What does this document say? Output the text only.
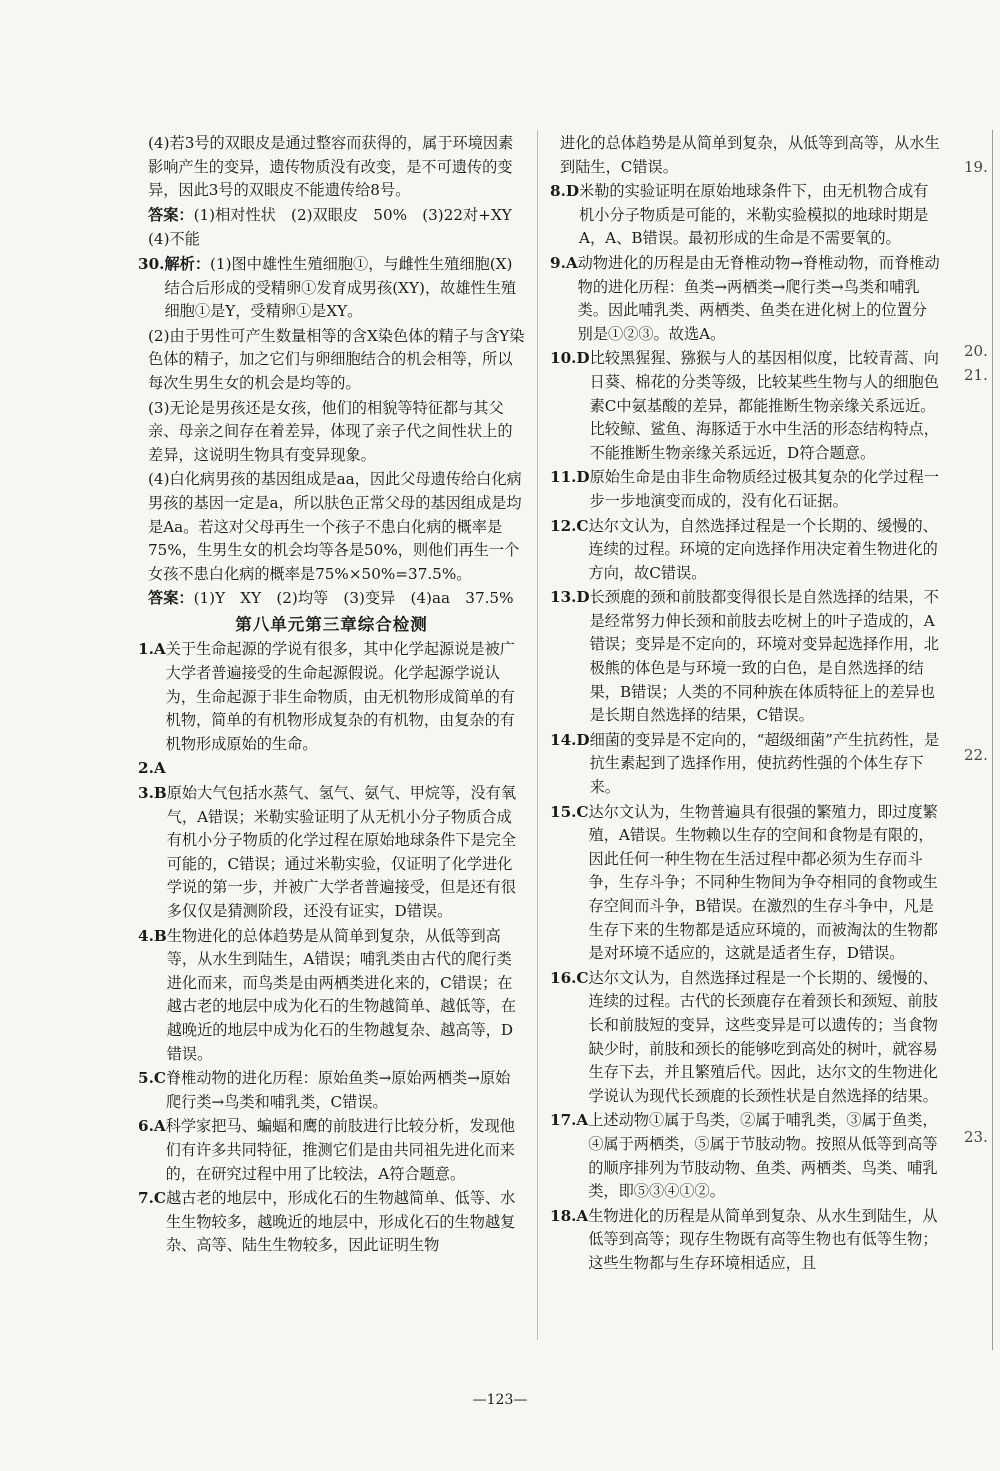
(4)若3号的双眼皮是通过整容而获得的，属于环境因素影响产生的变异，遗传物质没有改变，是不可遗传的变异，因此3号的双眼皮不能遗传给8号。
答案：(1)相对性状　(2)双眼皮　50%　(3)22对+XY
(4)不能
30. 解析：(1)图中雄性生殖细胞①，与雌性生殖细胞(X)结合后形成的受精卵①发育成男孩(XY)，故雄性生殖细胞①是Y，受精卵①是XY。
(2)由于男性可产生数量相等的含X染色体的精子与含Y染色体的精子，加之它们与卵细胞结合的机会相等，所以每次生男生女的机会是均等的。
(3)无论是男孩还是女孩，他们的相貌等特征都与其父亲、母亲之间存在着差异，体现了亲子代之间性状上的差异，这说明生物具有变异现象。
(4)白化病男孩的基因组成是aa，因此父母遗传给白化病男孩的基因一定是a，所以肤色正常父母的基因组成是均是Aa。若这对父母再生一个孩子不患白化病的概率是75%，生男生女的机会均等各是50%，则他们再生一个女孩不患白化病的概率是75%×50%=37.5%。
答案：(1)Y　XY　(2)均等　(3)变异　(4)aa　37.5%
第八单元第三章综合检测
1.A 关于生命起源的学说有很多，其中化学起源说是被广大学者普遍接受的生命起源假说。化学起源学说认为，生命起源于非生命物质，由无机物形成简单的有机物，简单的有机物形成复杂的有机物，由复杂的有机物形成原始的生命。
2.A
3.B 原始大气包括水蒸气、氢气、氨气、甲烷等，没有氧气，A错误；米勒实验证明了从无机小分子物质合成有机小分子物质的化学过程在原始地球条件下是完全可能的，C错误；通过米勒实验，仅证明了化学进化学说的第一步，并被广大学者普遍接受，但是还有很多仅仅是猜测阶段，还没有证实，D错误。
4.B 生物进化的总体趋势是从简单到复杂，从低等到高等，从水生到陆生，A错误；哺乳类由古代的爬行类进化而来，而鸟类是由两栖类进化来的，C错误；在越古老的地层中成为化石的生物越简单、越低等，在越晚近的地层中成为化石的生物越复杂、越高等，D错误。
5.C 脊椎动物的进化历程：原始鱼类→原始两栖类→原始爬行类→鸟类和哺乳类，C错误。
6.A 科学家把马、蝙蝠和鹰的前肢进行比较分析，发现他们有许多共同特征，推测它们是由共同祖先进化而来的，在研究过程中用了比较法，A符合题意。
7.C 越古老的地层中，形成化石的生物越简单、低等、水生生物较多，越晚近的地层中，形成化石的生物越复杂、高等、陆生生物较多，因此证明生物
进化的总体趋势是从简单到复杂，从低等到高等，从水生到陆生，C错误。
8.D 米勒的实验证明在原始地球条件下，由无机物合成有机小分子物质是可能的，米勒实验模拟的地球时期是A，A、B错误。最初形成的生命是不需要氧的。
9.A 动物进化的历程是由无脊椎动物→脊椎动物，而脊椎动物的进化历程：鱼类→两栖类→爬行类→鸟类和哺乳类。因此哺乳类、两栖类、鱼类在进化树上的位置分别是①②③。故选A。
10.D 比较黑猩猩、猕猴与人的基因相似度，比较青蒿、向日葵、棉花的分类等级，比较某些生物与人的细胞色素C中氨基酸的差异，都能推断生物亲缘关系远近。比较鲸、鲨鱼、海豚适于水中生活的形态结构特点，不能推断生物亲缘关系远近，D符合题意。
11.D 原始生命是由非生命物质经过极其复杂的化学过程一步一步地演变而成的，没有化石证据。
12.C 达尔文认为，自然选择过程是一个长期的、缓慢的、连续的过程。环境的定向选择作用决定着生物进化的方向，故C错误。
13.D 长颈鹿的颈和前肢都变得很长是自然选择的结果，不是经常努力伸长颈和前肢去吃树上的叶子造成的，A错误；变异是不定向的，环境对变异起选择作用，北极熊的体色是与环境一致的白色，是自然选择的结果，B错误；人类的不同种族在体质特征上的差异也是长期自然选择的结果，C错误。
14.D 细菌的变异是不定向的，“超级细菌”产生抗药性，是抗生素起到了选择作用，使抗药性强的个体生存下来。
15.C 达尔文认为，生物普遍具有很强的繁殖力，即过度繁殖，A错误。生物赖以生存的空间和食物是有限的，因此任何一种生物在生活过程中都必须为生存而斗争，生存斗争；不同种生物间为争夺相同的食物或生存空间而斗争，B错误。在激烈的生存斗争中，凡是生存下来的生物都是适应环境的，而被淘汰的生物都是对环境不适应的，这就是适者生存，D错误。
16.C 达尔文认为，自然选择过程是一个长期的、缓慢的、连续的过程。古代的长颈鹿存在着颈长和颈短、前肢长和前肢短的变异，这些变异是可以遗传的；当食物缺少时，前肢和颈长的能够吃到高处的树叶，就容易生存下去，并且繁殖后代。因此，达尔文的生物进化学说认为现代长颈鹿的长颈性状是自然选择的结果。
17.A 上述动物①属于鸟类，②属于哺乳类，③属于鱼类，④属于两栖类，⑤属于节肢动物。按照从低等到高等的顺序排列为节肢动物、鱼类、两栖类、鸟类、哺乳类，即⑤③④①②。
18.A 生物进化的历程是从简单到复杂、从水生到陆生，从低等到高等；现存生物既有高等生物也有低等生物；这些生物都与生存环境相适应，且
19.
20.
21.
22.
23.
—123—
